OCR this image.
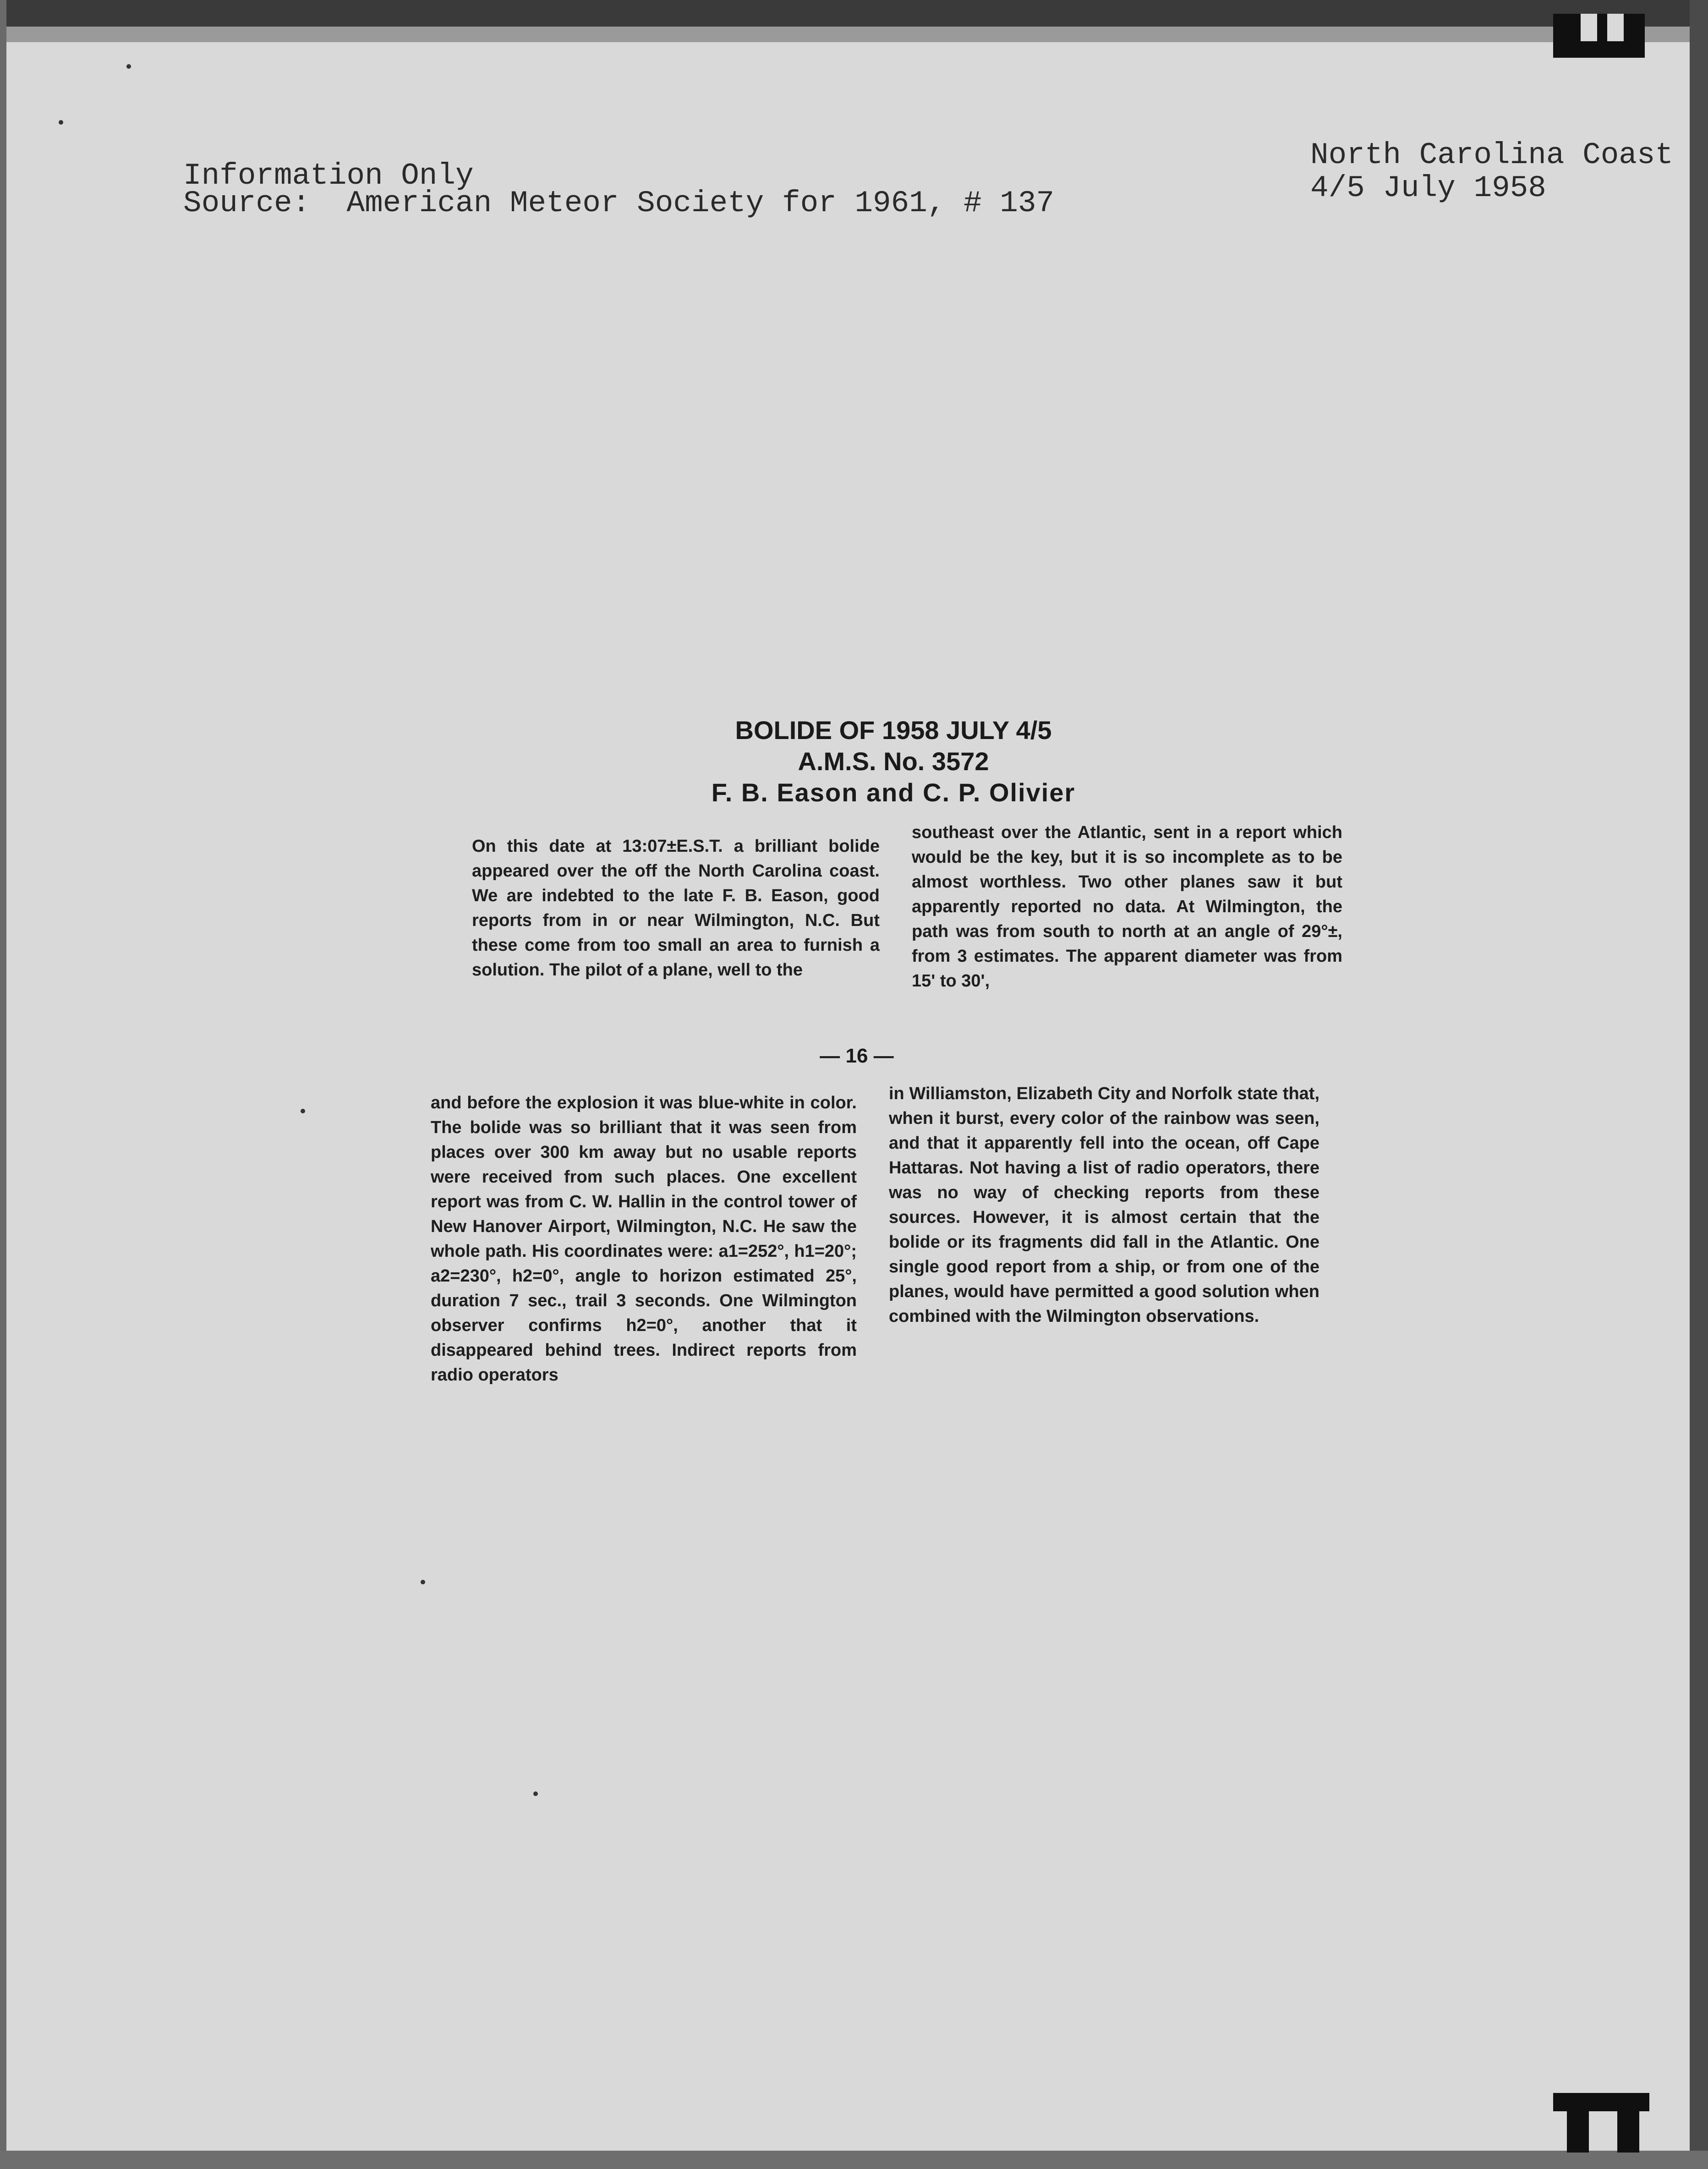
Information Only
Source: American Meteor Society for 1961, # 137
North Carolina Coast
4/5 July 1958
BOLIDE OF 1958 JULY 4/5
A.M.S. No. 3572
F. B. Eason and C. P. Olivier

On this date at 13:07±E.S.T. a brilliant bolide appeared over the off the North Carolina coast. We are indebted to the late F. B. Eason, good reports from in or near Wilmington, N.C. But these come from too small an area to furnish a solution. The pilot of a plane, well to the

southeast over the Atlantic, sent in a report which would be the key, but it is so incomplete as to be almost worthless. Two other planes saw it but apparently reported no data. At Wilmington, the path was from south to north at an angle of 29°±, from 3 estimates. The apparent diameter was from 15' to 30',

— 16 —

and before the explosion it was blue-white in color. The bolide was so brilliant that it was seen from places over 300 km away but no usable reports were received from such places. One excellent report was from C. W. Hallin in the control tower of New Hanover Airport, Wilmington, N.C. He saw the whole path. His coordinates were: a1=252°, h1=20°; a2=230°, h2=0°, angle to horizon estimated 25°, duration 7 sec., trail 3 seconds. One Wilmington observer confirms h2=0°, another that it disappeared behind trees. Indirect reports from radio operators

in Williamston, Elizabeth City and Norfolk state that, when it burst, every color of the rainbow was seen, and that it apparently fell into the ocean, off Cape Hattaras. Not having a list of radio operators, there was no way of checking reports from these sources. However, it is almost certain that the bolide or its fragments did fall in the Atlantic. One single good report from a ship, or from one of the planes, would have permitted a good solution when combined with the Wilmington observations.
